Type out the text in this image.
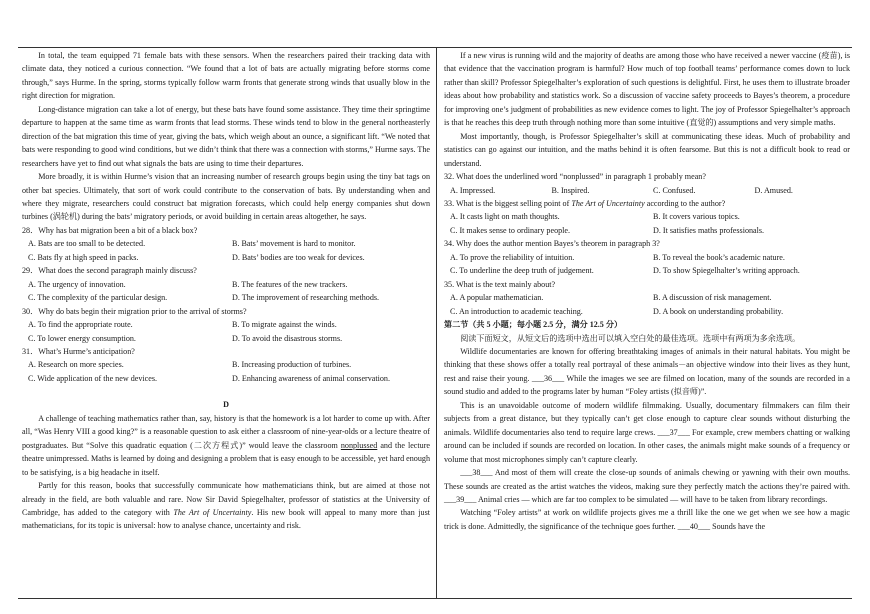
In total, the team equipped 71 female bats with these sensors. When the researchers paired their tracking data with climate data, they noticed a curious connection. “We found that a lot of bats are actually migrating before storms come through,” says Hurme. In the spring, storms typically follow warm fronts that generate strong winds that usually blow in the right direction for migration.

Long-distance migration can take a lot of energy, but these bats have found some assistance. They time their springtime departure to happen at the same time as warm fronts that lead storms. These winds tend to blow in the general northeasterly direction of the bat migration this time of year, giving the bats, which weigh about an ounce, a significant lift. “We noted that bats were responding to good wind conditions, but we didn’t think that there was a connection with storms,” Hurme says. The researchers have yet to find out what signals the bats are using to time their departures.

More broadly, it is within Hurme’s vision that an increasing number of research groups begin using the tiny bat tags on other bat species. Ultimately, that sort of work could contribute to the conservation of bats. By understanding when and where they migrate, researchers could construct bat migration forecasts, which could help energy companies shut down turbines (涡轮机) during the bats’ migratory periods, or avoid building in certain areas altogether, he says.

28．Why has bat migration been a bit of a black box?

A. Bats are too small to be detected.	B. Bats’ movement is hard to monitor.
C. Bats fly at high speed in packs.	D. Bats’ bodies are too weak for devices.

29．What does the second paragraph mainly discuss?

A. The urgency of innovation.	B. The features of the new trackers.
C. The complexity of the particular design.	D. The improvement of researching methods.

30．Why do bats begin their migration prior to the arrival of storms?

A. To find the appropriate route.	B. To migrate against the winds.
C. To lower energy consumption.	D. To avoid the disastrous storms.

31．What’s Hurme’s anticipation?

A. Research on more species.	B. Increasing production of turbines.
C. Wide application of the new devices.	D. Enhancing awareness of animal conservation.

D

A challenge of teaching mathematics rather than, say, history is that the homework is a lot harder to come up with. After all, “Was Henry VIII a good king?” is a reasonable question to ask either a classroom of nine-year-olds or a lecture theatre of postgraduates. But “Solve this quadratic equation (二次方程式)” would leave the classroom nonplussed and the lecture theatre unimpressed. Maths is learned by doing and designing a problem that is easy enough to be accessible, yet hard enough to be satisfying, is a big headache in itself.

Partly for this reason, books that successfully communicate how mathematicians think, but are aimed at those not already in the field, are both valuable and rare. Now Sir David Spiegelhalter, professor of statistics at the University of Cambridge, has added to the category with The Art of Uncertainty. His new book will appeal to many more than just mathematicians, for its topic is universal: how to analyse chance, uncertainty and risk.

If a new virus is running wild and the majority of deaths are among those who have received a newer vaccine (疫苗), is that evidence that the vaccination program is harmful? How much of top football teams’ performance comes down to luck rather than skill? Professor Spiegelhalter’s exploration of such questions is delightful. First, he uses them to illustrate broader ideas about how probability and statistics work. So a discussion of vaccine safety proceeds to Bayes’s theorem, a procedure for improving one’s judgment of probabilities as new evidence comes to light. The joy of Professor Spiegelhalter’s approach is that he reaches this deep truth through nothing more than some intuitive (直觉的) assumptions and very simple maths.

Most importantly, though, is Professor Spiegelhalter’s skill at communicating these ideas. Much of probability and statistics can go against our intuition, and the maths behind it is often fearsome. But this is not a difficult book to read or understand.

32. What does the underlined word “nonplussed” in paragraph 1 probably mean?

A. Impressed.	B. Inspired.	C. Confused.	D. Amused.

33. What is the biggest selling point of The Art of Uncertainty according to the author?

A. It casts light on math thoughts.	B. It covers various topics.
C. It makes sense to ordinary people.	D. It satisfies maths professionals.

34. Why does the author mention Bayes’s theorem in paragraph 3?

A. To prove the reliability of intuition.	B. To reveal the book’s academic nature.
C. To underline the deep truth of judgement.	D. To show Spiegelhalter’s writing approach.

35. What is the text mainly about?

A. A popular mathematician.	B. A discussion of risk management.
C. An introduction to academic teaching.	D. A book on understanding probability.

第二节（共 5 小题；每小题 2.5 分，满分 12.5 分）

阅读下面短文，从短文后的选项中选出可以填入空白处的最佳选项。选项中有两项为多余选项。

Wildlife documentaries are known for offering breathtaking images of animals in their natural habitats. You might be thinking that these shows offer a totally real portrayal of these animals－an objective window into their lives as they hunt, rest and raise their young. ___36___ While the images we see are filmed on location, many of the sounds are recorded in a sound studio and added to the programs later by human “Foley artists (拟音师)”.

This is an unavoidable outcome of modern wildlife filmmaking. Usually, documentary filmmakers can film their subjects from a great distance, but they typically can’t get close enough to capture clear sounds without disturbing the animals. Wildlife documentaries also tend to require large crews. ___37___ For example, crew members chatting or walking around can be included if sounds are recorded on location. In other cases, the animals might make sounds of a frequency or volume that most microphones simply can’t capture clearly.

___38___ And most of them will create the close-up sounds of animals chewing or yawning with their own mouths. These sounds are created as the artist watches the videos, making sure they perfectly match the actions they’re paired with. ___39___ Animal cries — which are far too complex to be simulated — will have to be taken from library recordings.

Watching “Foley artists” at work on wildlife projects gives me a thrill like the one we get when we see how a magic trick is done. Admittedly, the significance of the technique goes further. ___40___ Sounds have the
